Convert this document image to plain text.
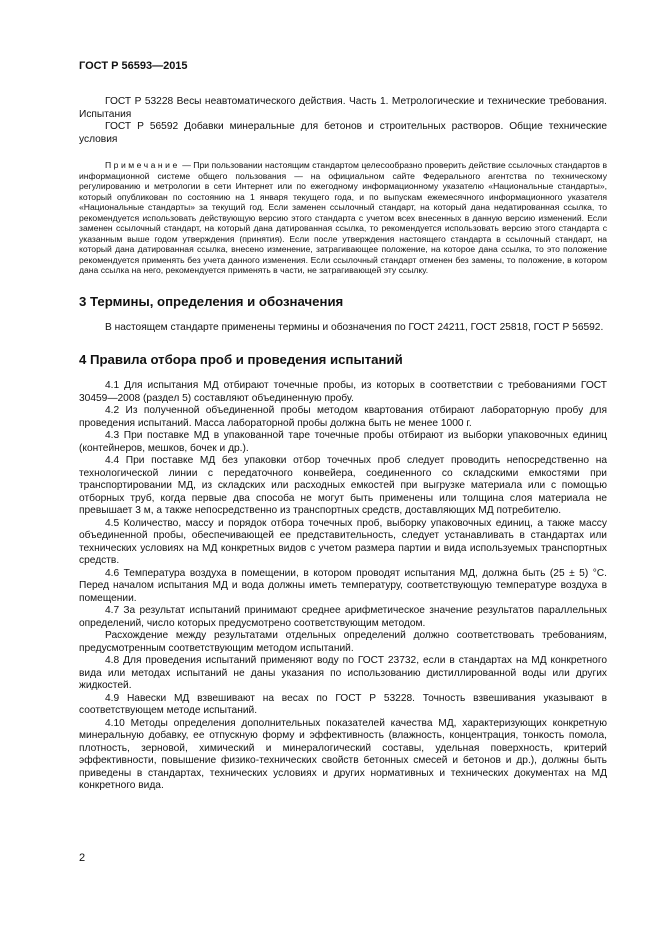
ГОСТ Р 56593—2015

ГОСТ Р 53228 Весы неавтоматического действия. Часть 1. Метрологические и технические требования. Испытания

ГОСТ Р 56592 Добавки минеральные для бетонов и строительных растворов. Общие технические условия

Примечание — При пользовании настоящим стандартом целесообразно проверить действие ссылочных стандартов в информационной системе общего пользования — на официальном сайте Федерального агентства по техническому регулированию и метрологии в сети Интернет или по ежегодному информационному указателю «Национальные стандарты», который опубликован по состоянию на 1 января текущего года, и по выпускам ежемесячного информационного указателя «Национальные стандарты» за текущий год. Если заменен ссылочный стандарт, на который дана недатированная ссылка, то рекомендуется использовать действующую версию этого стандарта с учетом всех внесенных в данную версию изменений. Если заменен ссылочный стандарт, на который дана датированная ссылка, то рекомендуется использовать версию этого стандарта с указанным выше годом утверждения (принятия). Если после утверждения настоящего стандарта в ссылочный стандарт, на который дана датированная ссылка, внесено изменение, затрагивающее положение, на которое дана ссылка, то это положение рекомендуется применять без учета данного изменения. Если ссылочный стандарт отменен без замены, то положение, в котором дана ссылка на него, рекомендуется применять в части, не затрагивающей эту ссылку.

3 Термины, определения и обозначения

В настоящем стандарте применены термины и обозначения по ГОСТ 24211, ГОСТ 25818, ГОСТ Р 56592.

4 Правила отбора проб и проведения испытаний

4.1 Для испытания МД отбирают точечные пробы, из которых в соответствии с требованиями ГОСТ 30459—2008 (раздел 5) составляют объединенную пробу.

4.2 Из полученной объединенной пробы методом квартования отбирают лабораторную пробу для проведения испытаний. Масса лабораторной пробы должна быть не менее 1000 г.

4.3 При поставке МД в упакованной таре точечные пробы отбирают из выборки упаковочных единиц (контейнеров, мешков, бочек и др.).

4.4 При поставке МД без упаковки отбор точечных проб следует проводить непосредственно на технологической линии с передаточного конвейера, соединенного со складскими емкостями при транспортировании МД, из складских или расходных емкостей при выгрузке материала или с помощью отборных труб, когда первые два способа не могут быть применены или толщина слоя материала не превышает 3 м, а также непосредственно из транспортных средств, доставляющих МД потребителю.

4.5 Количество, массу и порядок отбора точечных проб, выборку упаковочных единиц, а также массу объединенной пробы, обеспечивающей ее представительность, следует устанавливать в стандартах или технических условиях на МД конкретных видов с учетом размера партии и вида используемых транспортных средств.

4.6 Температура воздуха в помещении, в котором проводят испытания МД, должна быть (25 ± 5) °С. Перед началом испытания МД и вода должны иметь температуру, соответствующую температуре воздуха в помещении.

4.7 За результат испытаний принимают среднее арифметическое значение результатов параллельных определений, число которых предусмотрено соответствующим методом.

Расхождение между результатами отдельных определений должно соответствовать требованиям, предусмотренным соответствующим методом испытаний.

4.8 Для проведения испытаний применяют воду по ГОСТ 23732, если в стандартах на МД конкретного вида или методах испытаний не даны указания по использованию дистиллированной воды или других жидкостей.

4.9 Навески МД взвешивают на весах по ГОСТ Р 53228. Точность взвешивания указывают в соответствующем методе испытаний.

4.10 Методы определения дополнительных показателей качества МД, характеризующих конкретную минеральную добавку, ее отпускную форму и эффективность (влажность, концентрация, тонкость помола, плотность, зерновой, химический и минералогический составы, удельная поверхность, критерий эффективности, повышение физико-технических свойств бетонных смесей и бетонов и др.), должны быть приведены в стандартах, технических условиях и других нормативных и технических документах на МД конкретного вида.

2
